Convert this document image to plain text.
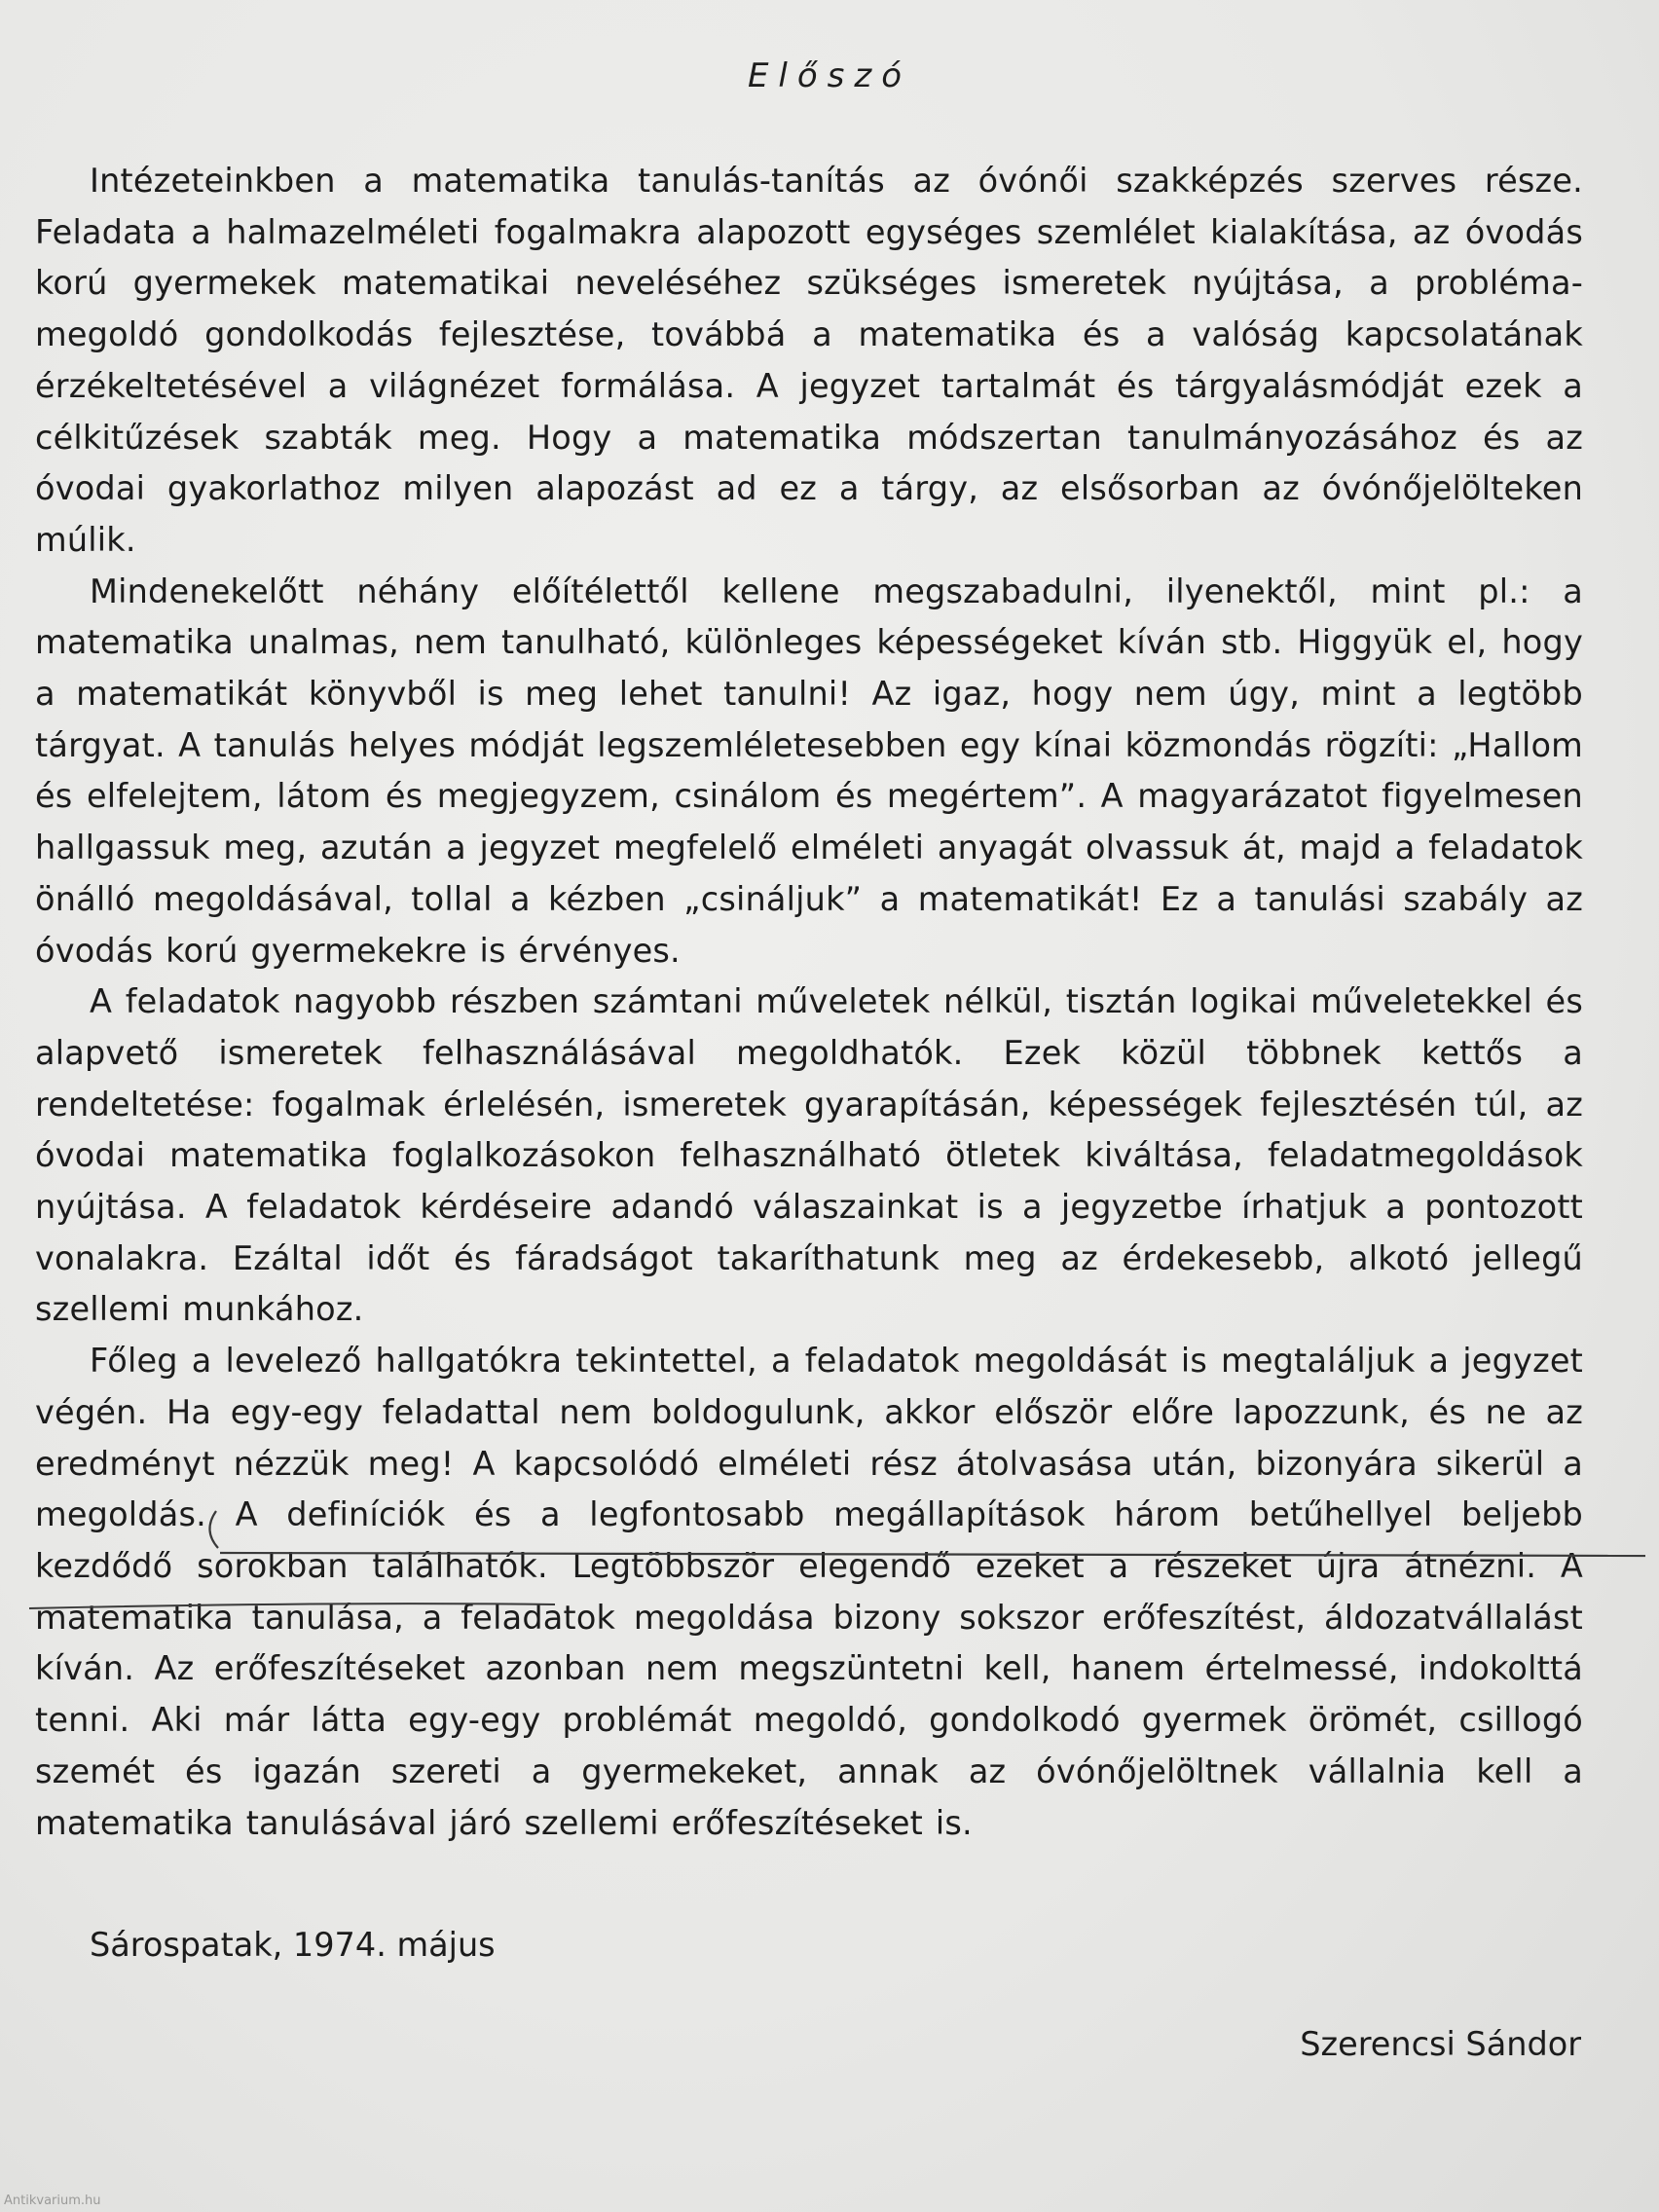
Előszó

Intézeteinkben a matematika tanulás-tanítás az óvónői szakképzés szerves része. Feladata a halmazelméleti fogalmakra alapozott egységes szemlélet kialakítása, az óvodás korú gyermekek matematikai neveléséhez szükséges ismeretek nyújtása, a probléma-megoldó gondolkodás fejlesztése, továbbá a matematika és a valóság kapcsolatának érzékeltetésével a világnézet formálása. A jegyzet tartalmát és tárgyalásmódját ezek a célkitűzések szabták meg. Hogy a matematika módszertan tanulmányozásához és az óvodai gyakorlathoz milyen alapozást ad ez a tárgy, az elsősorban az óvónőjelölteken múlik.

Mindenekelőtt néhány előítélettől kellene megszabadulni, ilyenektől, mint pl.: a matematika unalmas, nem tanulható, különleges képességeket kíván stb. Higgyük el, hogy a matematikát könyvből is meg lehet tanulni! Az igaz, hogy nem úgy, mint a legtöbb tárgyat. A tanulás helyes módját legszemléletesebben egy kínai közmondás rögzíti: „Hallom és elfelejtem, látom és megjegyzem, csinálom és megértem”. A magyarázatot figyelmesen hallgassuk meg, azután a jegyzet megfelelő elméleti anyagát olvassuk át, majd a feladatok önálló megoldásával, tollal a kézben „csináljuk” a matematikát! Ez a tanulási szabály az óvodás korú gyermekekre is érvényes.

A feladatok nagyobb részben számtani műveletek nélkül, tisztán logikai műveletekkel és alapvető ismeretek felhasználásával megoldhatók. Ezek közül többnek kettős a rendeltetése: fogalmak érlelésén, ismeretek gyarapításán, képességek fejlesztésén túl, az óvodai matematika foglalkozásokon felhasználható ötletek kiváltása, feladatmegoldások nyújtása. A feladatok kérdéseire adandó válaszainkat is a jegyzetbe írhatjuk a pontozott vonalakra. Ezáltal időt és fáradságot takaríthatunk meg az érdekesebb, alkotó jellegű szellemi munkához.

Főleg a levelező hallgatókra tekintettel, a feladatok megoldását is megtaláljuk a jegyzet végén. Ha egy-egy feladattal nem boldogulunk, akkor először előre lapozzunk, és ne az eredményt nézzük meg! A kapcsolódó elméleti rész átolvasása után, bizonyára sikerül a megoldás. A definíciók és a legfontosabb megállapítások három betűhellyel beljebb kezdődő sorokban találhatók. Legtöbbször elegendő ezeket a részeket újra átnézni. A matematika tanulása, a feladatok megoldása bizony sokszor erőfeszítést, áldozatvállalást kíván. Az erőfeszítéseket azonban nem megszüntetni kell, hanem értelmessé, indokolttá tenni. Aki már látta egy-egy problémát megoldó, gondolkodó gyermek örömét, csillogó szemét és igazán szereti a gyermekeket, annak az óvónőjelöltnek vállalnia kell a matematika tanulásával járó szellemi erőfeszítéseket is.

Sárospatak, 1974. május
Szerencsi Sándor
Antikvarium.hu
